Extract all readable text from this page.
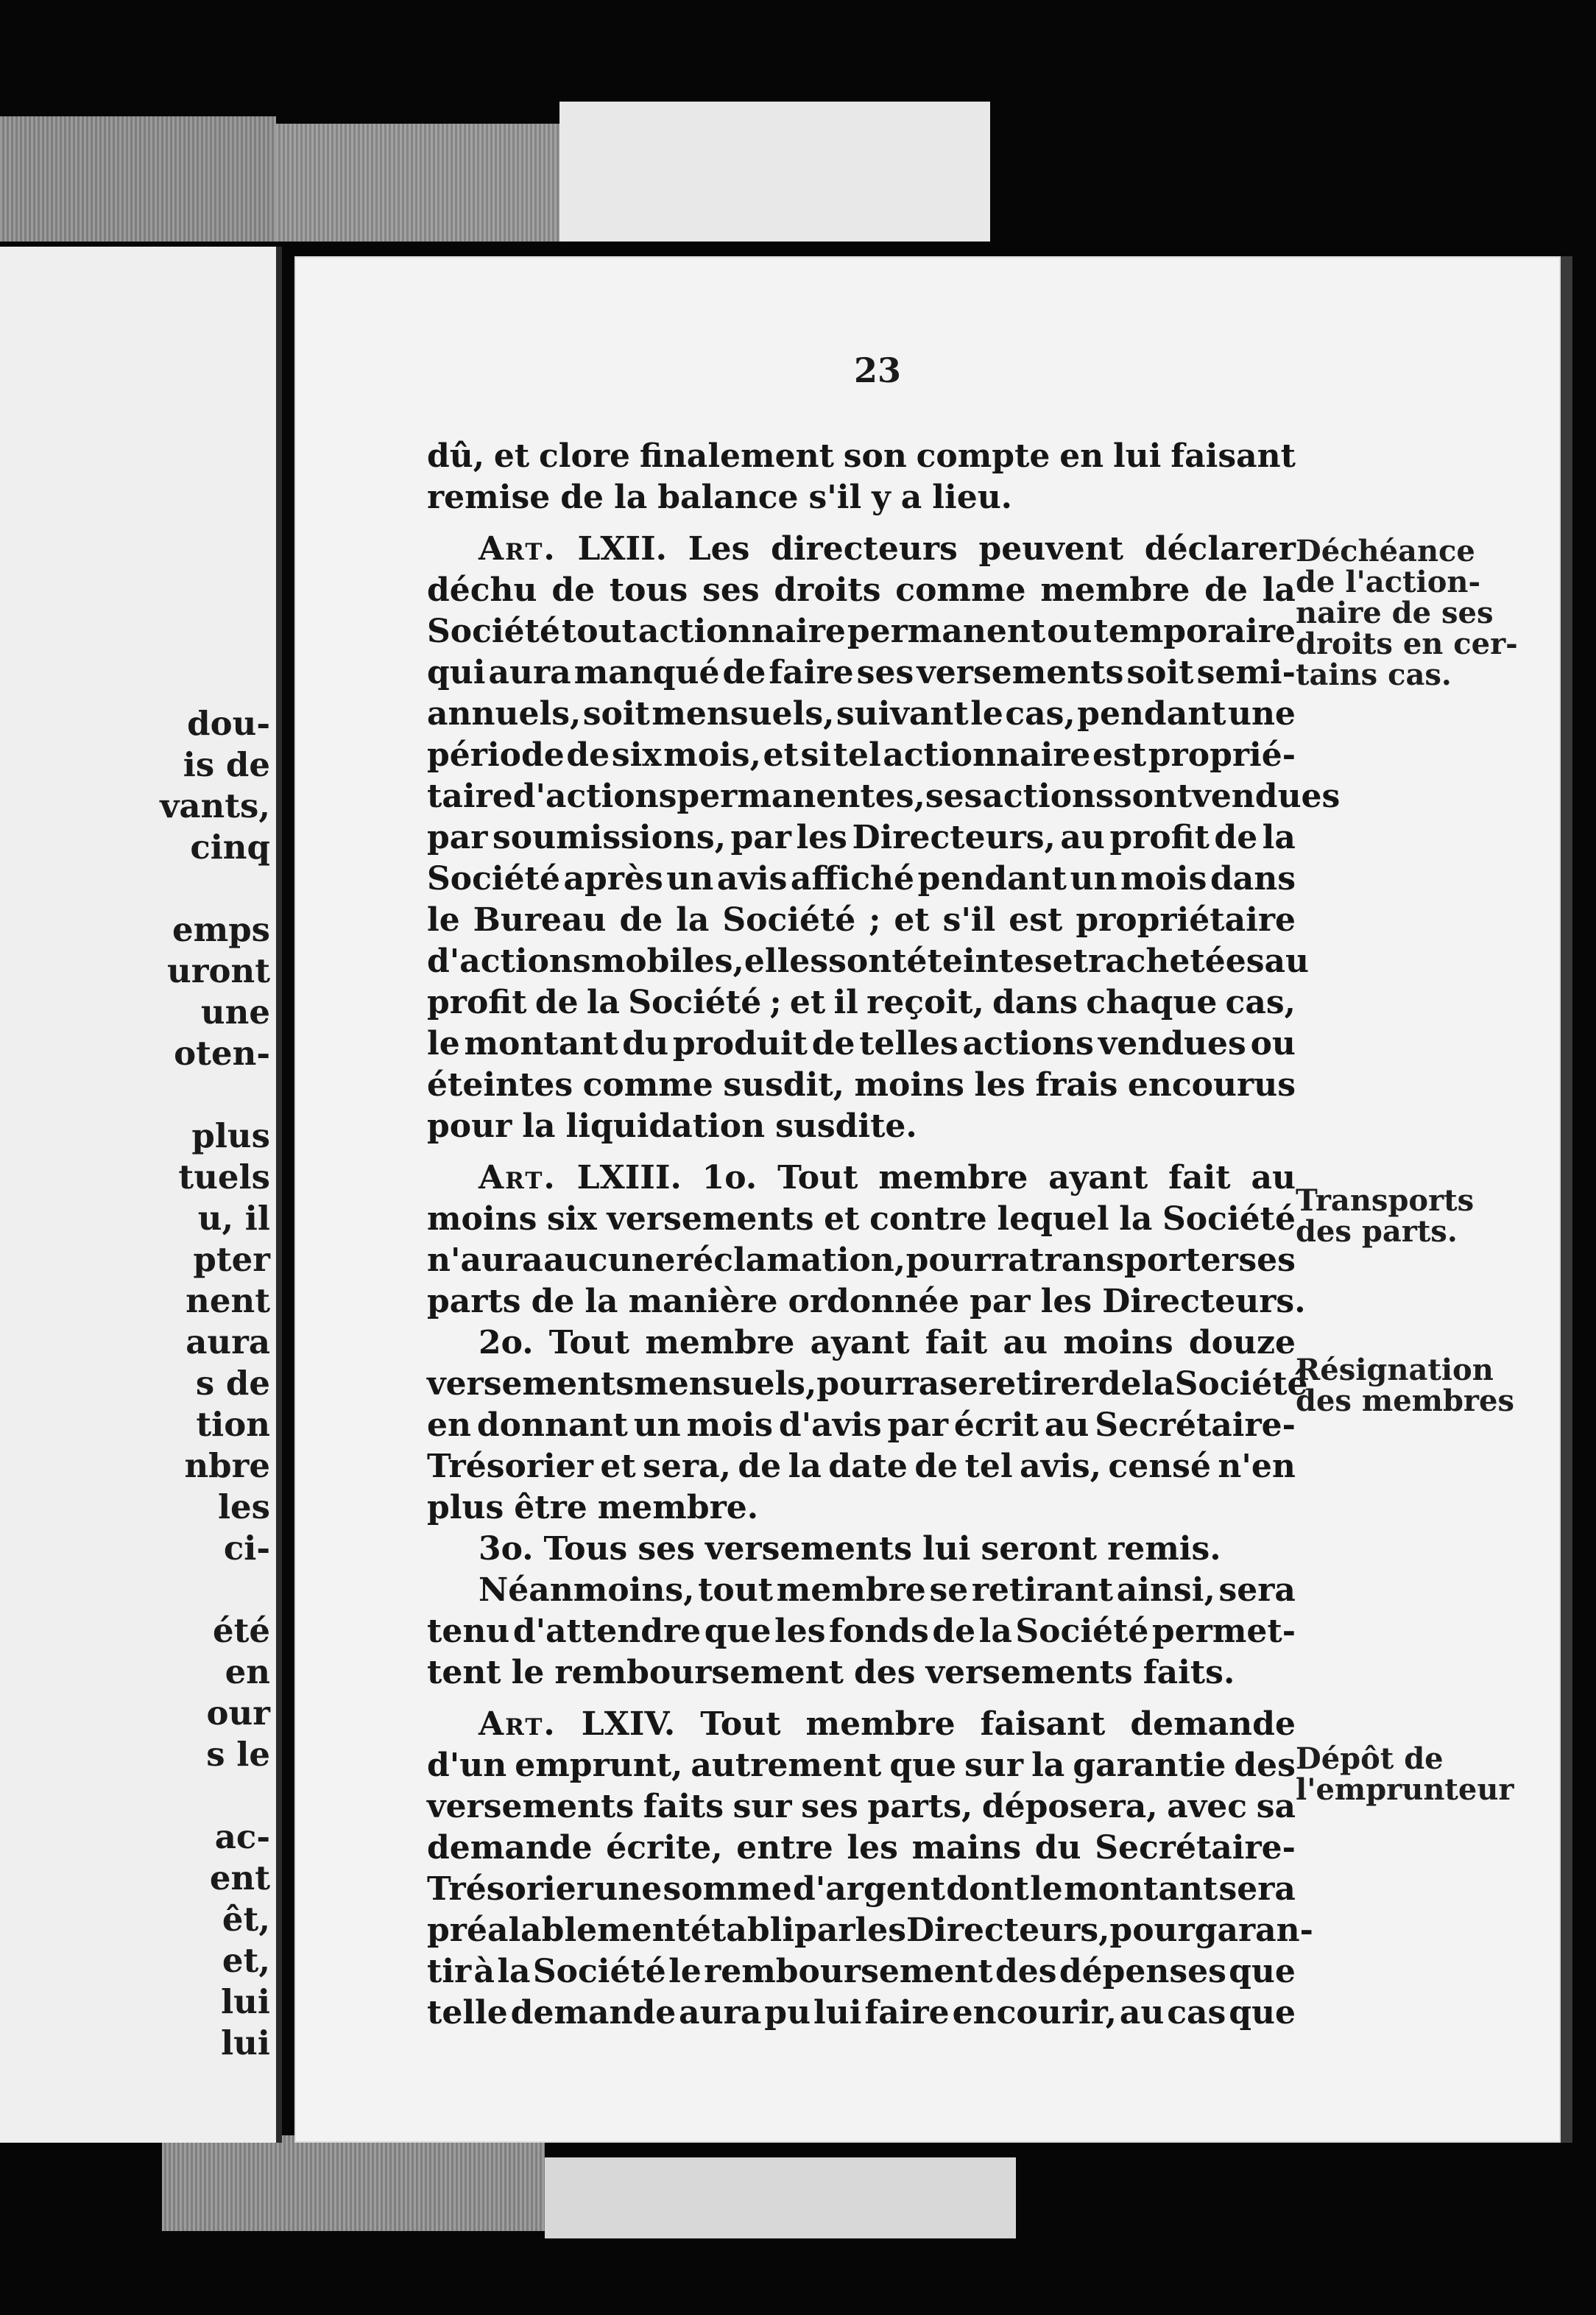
dou-
is de
vants,
cinq
emps
uront
une
oten-
plus
tuels
u, il
pter
nent
aura
s de
tion
nbre
les
ci-
été
en
our
s le
ac-
ent
êt,
et,
lui
lui
23
dû, et clore finalement son compte en lui faisant
remise de la balance s'il y a lieu.
Art. LXII. Les directeurs peuvent déclarer
déchu de tous ses droits comme membre de la
Société tout actionnaire permanent ou temporaire
qui aura manqué de faire ses versements soit semi-
annuels, soit mensuels, suivant le cas, pendant une
période de six mois, et si tel actionnaire est proprié-
taire d'actions permanentes, ses actions sont vendues
par soumissions, par les Directeurs, au profit de la
Société après un avis affiché pendant un mois dans
le Bureau de la Société ; et s'il est propriétaire
d'actions mobiles, elles sont éteintes et rachetées au
profit de la Société ; et il reçoit, dans chaque cas,
le montant du produit de telles actions vendues ou
éteintes comme susdit, moins les frais encourus
pour la liquidation susdite.
Art. LXIII. 1o. Tout membre ayant fait au
moins six versements et contre lequel la Société
n'aura aucune réclamation, pourra transporter ses
parts de la manière ordonnée par les Directeurs.
2o. Tout membre ayant fait au moins douze
versements mensuels, pourra se retirer de la Société
en donnant un mois d'avis par écrit au Secrétaire-
Trésorier et sera, de la date de tel avis, censé n'en
plus être membre.
3o. Tous ses versements lui seront remis.
Néanmoins, tout membre se retirant ainsi, sera
tenu d'attendre que les fonds de la Société permet-
tent le remboursement des versements faits.
Art. LXIV. Tout membre faisant demande
d'un emprunt, autrement que sur la garantie des
versements faits sur ses parts, déposera, avec sa
demande écrite, entre les mains du Secrétaire-
Trésorier une somme d'argent dont le montant sera
préalablement établi par les Directeurs, pour garan-
tir à la Société le remboursement des dépenses que
telle demande aura pu lui faire encourir, au cas que
Déchéance
de l'action-
naire de ses
droits en cer-
tains cas.
Transports
des parts.
Résignation
des membres
Dépôt de
l'emprunteur
